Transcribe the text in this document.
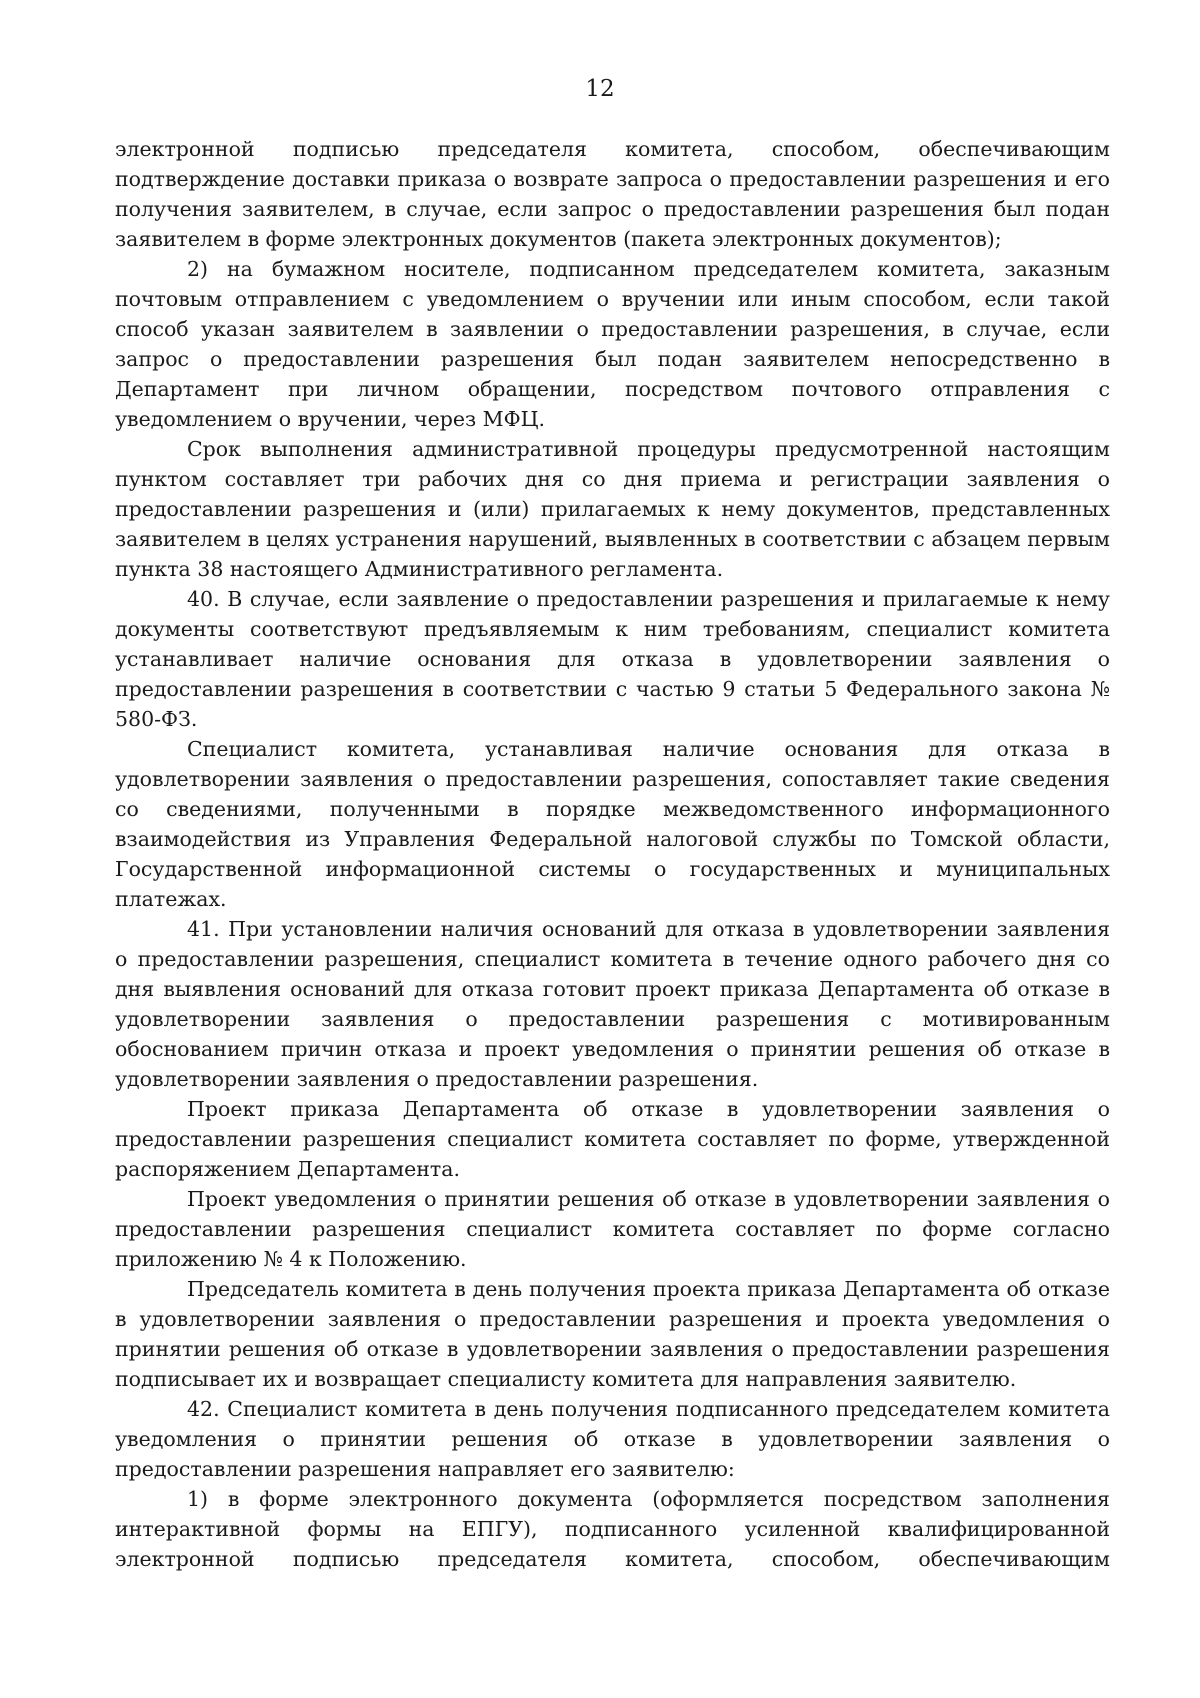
12

электронной подписью председателя комитета, способом, обеспечивающим подтверждение доставки приказа о возврате запроса о предоставлении разрешения и его получения заявителем, в случае, если запрос о предоставлении разрешения был подан заявителем в форме электронных документов (пакета электронных документов);

2) на бумажном носителе, подписанном председателем комитета, заказным почтовым отправлением с уведомлением о вручении или иным способом, если такой способ указан заявителем в заявлении о предоставлении разрешения, в случае, если запрос о предоставлении разрешения был подан заявителем непосредственно в Департамент при личном обращении, посредством почтового отправления с уведомлением о вручении, через МФЦ.

Срок выполнения административной процедуры предусмотренной настоящим пунктом составляет три рабочих дня со дня приема и регистрации заявления о предоставлении разрешения и (или) прилагаемых к нему документов, представленных заявителем в целях устранения нарушений, выявленных в соответствии с абзацем первым пункта 38 настоящего Административного регламента.

40. В случае, если заявление о предоставлении разрешения и прилагаемые к нему документы соответствуют предъявляемым к ним требованиям, специалист комитета устанавливает наличие основания для отказа в удовлетворении заявления о предоставлении разрешения в соответствии с частью 9 статьи 5 Федерального закона № 580-ФЗ.

Специалист комитета, устанавливая наличие основания для отказа в удовлетворении заявления о предоставлении разрешения, сопоставляет такие сведения со сведениями, полученными в порядке межведомственного информационного взаимодействия из Управления Федеральной налоговой службы по Томской области, Государственной информационной системы о государственных и муниципальных платежах.

41. При установлении наличия оснований для отказа в удовлетворении заявления о предоставлении разрешения, специалист комитета в течение одного рабочего дня со дня выявления оснований для отказа готовит проект приказа Департамента об отказе в удовлетворении заявления о предоставлении разрешения с мотивированным обоснованием причин отказа и проект уведомления о принятии решения об отказе в удовлетворении заявления о предоставлении разрешения.

Проект приказа Департамента об отказе в удовлетворении заявления о предоставлении разрешения специалист комитета составляет по форме, утвержденной распоряжением Департамента.

Проект уведомления о принятии решения об отказе в удовлетворении заявления о предоставлении разрешения специалист комитета составляет по форме согласно приложению № 4 к Положению.

Председатель комитета в день получения проекта приказа Департамента об отказе в удовлетворении заявления о предоставлении разрешения и проекта уведомления о принятии решения об отказе в удовлетворении заявления о предоставлении разрешения подписывает их и возвращает специалисту комитета для направления заявителю.

42. Специалист комитета в день получения подписанного председателем комитета уведомления о принятии решения об отказе в удовлетворении заявления о предоставлении разрешения направляет его заявителю:

1) в форме электронного документа (оформляется посредством заполнения интерактивной формы на ЕПГУ), подписанного усиленной квалифицированной электронной подписью председателя комитета, способом, обеспечивающим
